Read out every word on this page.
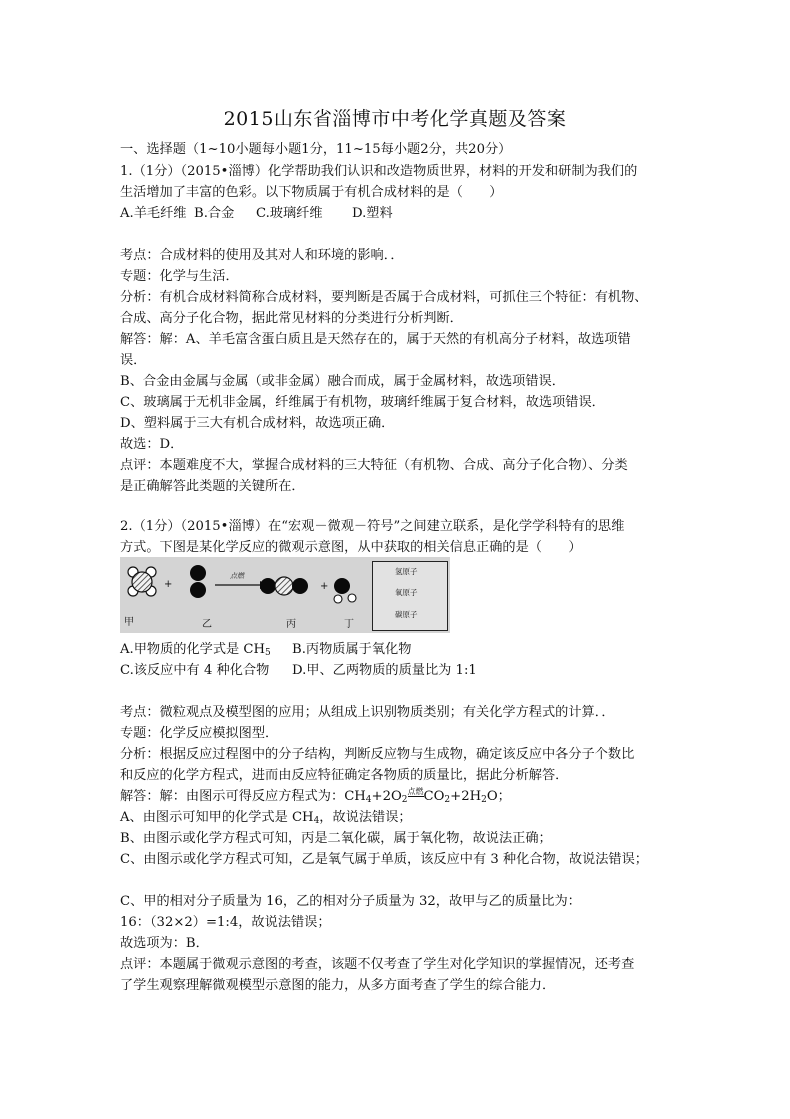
2015山东省淄博市中考化学真题及答案
一、选择题（1~10小题每小题1分，11~15每小题2分，共20分）
1.（1分）（2015•淄博）化学帮助我们认识和改造物质世界，材料的开发和研制为我们的
生活增加了丰富的色彩。以下物质属于有机合成材料的是（　　）
A.羊毛纤维 B.合金 C.玻璃纤维 D.塑料
考点：合成材料的使用及其对人和环境的影响．．
专题：化学与生活．
分析：有机合成材料简称合成材料，要判断是否属于合成材料，可抓住三个特征：有机物、
合成、高分子化合物，据此常见材料的分类进行分析判断．
解答：解：A、羊毛富含蛋白质且是天然存在的，属于天然的有机高分子材料，故选项错
误．
B、合金由金属与金属（或非金属）融合而成，属于金属材料，故选项错误．
C、玻璃属于无机非金属，纤维属于有机物，玻璃纤维属于复合材料，故选项错误．
D、塑料属于三大有机合成材料，故选项正确．
故选：D．
点评：本题难度不大，掌握合成材料的三大特征（有机物、合成、高分子化合物）、分类
是正确解答此类题的关键所在．
2.（1分）（2015•淄博）在“宏观－微观－符号”之间建立联系，是化学学科特有的思维
方式。下图是某化学反应的微观示意图，从中获取的相关信息正确的是（　　）
甲
+
乙
点燃
丙
+
丁
氢原子
氧原子
碳原子
A.甲物质的化学式是 CH5 B.丙物质属于氧化物
C.该反应中有 4 种化合物 D.甲、乙两物质的质量比为 1:1
考点：微粒观点及模型图的应用；从组成上识别物质类别；有关化学方程式的计算．．
专题：化学反应模拟图型．
分析：根据反应过程图中的分子结构，判断反应物与生成物，确定该反应中各分子个数比
和反应的化学方程式，进而由反应特征确定各物质的质量比，据此分析解答．
解答：解：由图示可得反应方程式为：$CH_4+2O_2$点燃$CO_2+2H_2O$；
A、由图示可知甲的化学式是 $CH_4$，故说法错误；
B、由图示或化学方程式可知，丙是二氧化碳，属于氧化物，故说法正确；
C、由图示或化学方程式可知，乙是氧气属于单质，该反应中有 3 种化合物，故说法错误；
C、甲的相对分子质量为 16，乙的相对分子质量为 32，故甲与乙的质量比为：
16：（32×2）=1:4，故说法错误；
故选项为：B．
点评：本题属于微观示意图的考查，该题不仅考查了学生对化学知识的掌握情况，还考查
了学生观察理解微观模型示意图的能力，从多方面考查了学生的综合能力．
